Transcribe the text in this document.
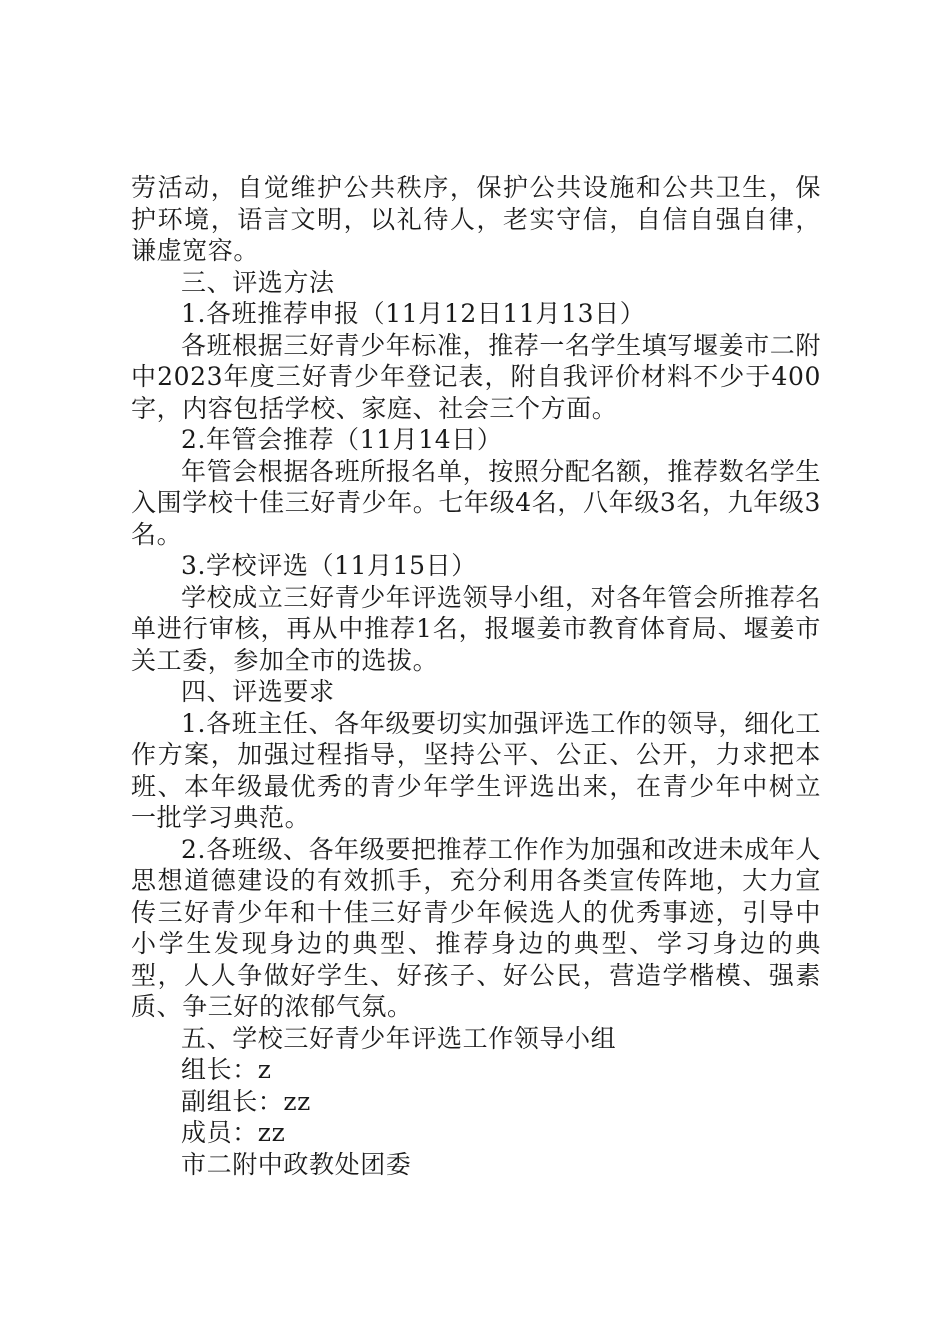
劳活动，自觉维护公共秩序，保护公共设施和公共卫生，保护环境，语言文明，以礼待人，老实守信，自信自强自律，谦虚宽容。

三、评选方法

1.各班推荐申报（11月12日11月13日）

各班根据三好青少年标准，推荐一名学生填写堰姜市二附中2023年度三好青少年登记表，附自我评价材料不少于400字，内容包括学校、家庭、社会三个方面。

2.年管会推荐（11月14日）

年管会根据各班所报名单，按照分配名额，推荐数名学生入围学校十佳三好青少年。七年级4名，八年级3名，九年级3名。

3.学校评选（11月15日）

学校成立三好青少年评选领导小组，对各年管会所推荐名单进行审核，再从中推荐1名，报堰姜市教育体育局、堰姜市关工委，参加全市的选拔。

四、评选要求

1.各班主任、各年级要切实加强评选工作的领导，细化工作方案，加强过程指导，坚持公平、公正、公开，力求把本班、本年级最优秀的青少年学生评选出来，在青少年中树立一批学习典范。

2.各班级、各年级要把推荐工作作为加强和改进未成年人思想道德建设的有效抓手，充分利用各类宣传阵地，大力宣传三好青少年和十佳三好青少年候选人的优秀事迹，引导中小学生发现身边的典型、推荐身边的典型、学习身边的典型，人人争做好学生、好孩子、好公民，营造学楷模、强素质、争三好的浓郁气氛。

五、学校三好青少年评选工作领导小组

组长：z

副组长：zz

成员：zz

市二附中政教处团委
